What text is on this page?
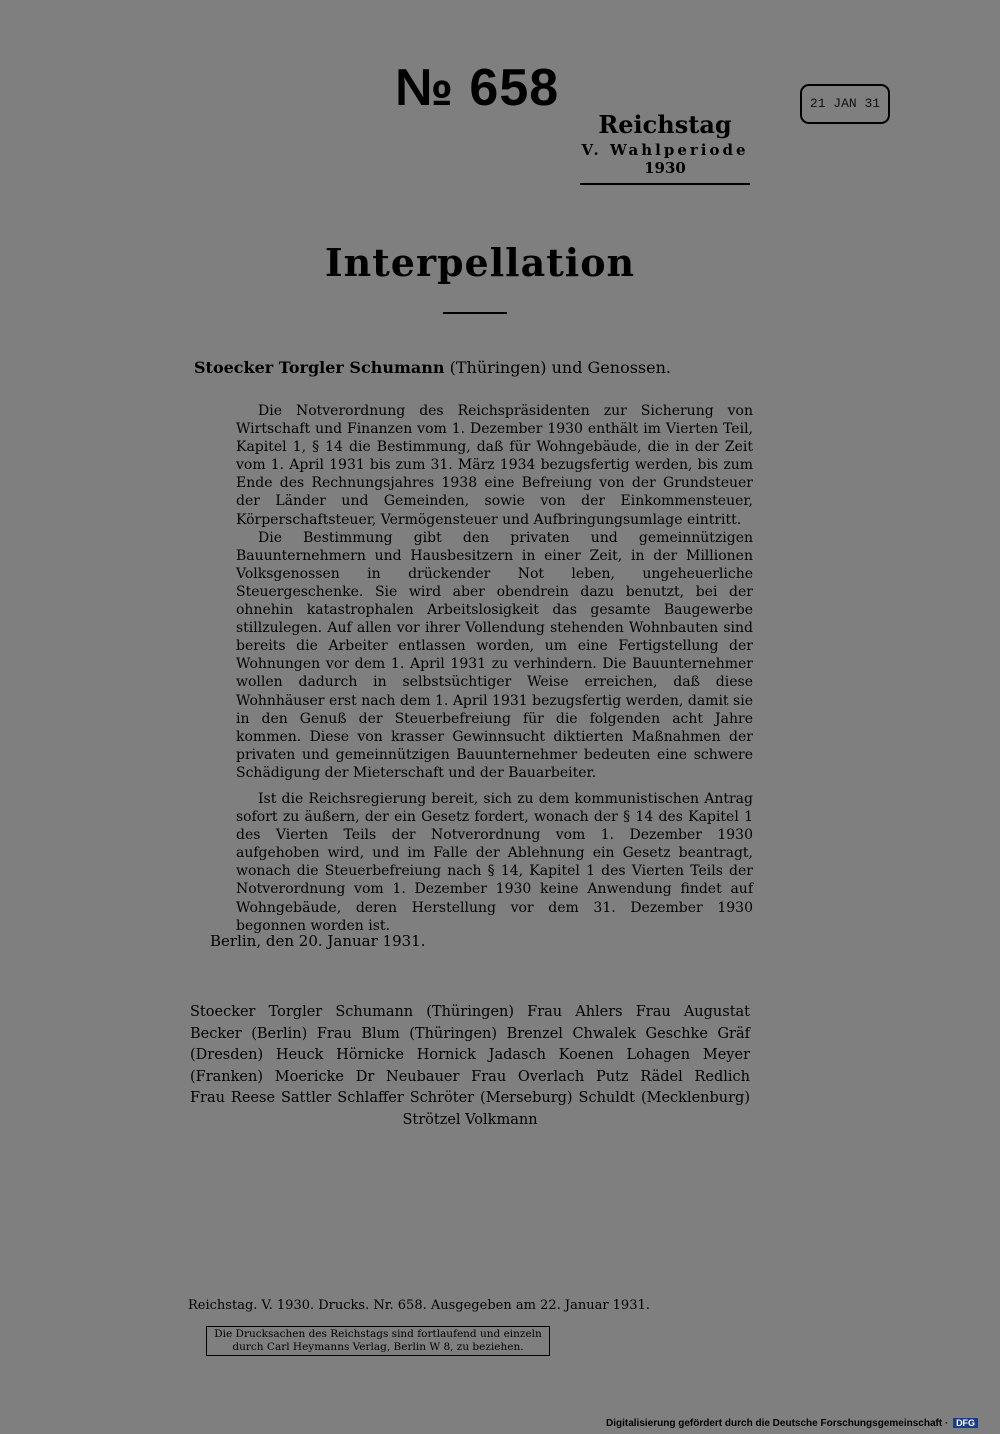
№ 658	21 JAN 31
Reichstag
V. Wahlperiode
1930
Interpellation
Stoecker Torgler Schumann (Thüringen) und Genossen.

Die Notverordnung des Reichspräsidenten zur Sicherung von Wirtschaft und Finanzen vom 1. Dezember 1930 enthält im Vierten Teil, Kapitel 1, § 14 die Bestimmung, daß für Wohngebäude, die in der Zeit vom 1. April 1931 bis zum 31. März 1934 bezugsfertig werden, bis zum Ende des Rechnungsjahres 1938 eine Befreiung von der Grundsteuer der Länder und Gemeinden, sowie von der Einkommensteuer, Körperschaftsteuer, Vermögensteuer und Aufbringungsumlage eintritt.

Die Bestimmung gibt den privaten und gemeinnützigen Bauunternehmern und Hausbesitzern in einer Zeit, in der Millionen Volksgenossen in drückender Not leben, ungeheuerliche Steuergeschenke. Sie wird aber obendrein dazu benutzt, bei der ohnehin katastrophalen Arbeitslosigkeit das gesamte Baugewerbe stillzulegen. Auf allen vor ihrer Vollendung stehenden Wohnbauten sind bereits die Arbeiter entlassen worden, um eine Fertigstellung der Wohnungen vor dem 1. April 1931 zu verhindern. Die Bauunternehmer wollen dadurch in selbstsüchtiger Weise erreichen, daß diese Wohnhäuser erst nach dem 1. April 1931 bezugsfertig werden, damit sie in den Genuß der Steuerbefreiung für die folgenden acht Jahre kommen. Diese von krasser Gewinnsucht diktierten Maßnahmen der privaten und gemeinnützigen Bauunternehmer bedeuten eine schwere Schädigung der Mieterschaft und der Bauarbeiter.

Ist die Reichsregierung bereit, sich zu dem kommunistischen Antrag sofort zu äußern, der ein Gesetz fordert, wonach der § 14 des Kapitel 1 des Vierten Teils der Notverordnung vom 1. Dezember 1930 aufgehoben wird, und im Falle der Ablehnung ein Gesetz beantragt, wonach die Steuerbefreiung nach § 14, Kapitel 1 des Vierten Teils der Notverordnung vom 1. Dezember 1930 keine Anwendung findet auf Wohngebäude, deren Herstellung vor dem 31. Dezember 1930 begonnen worden ist.

Berlin, den 20. Januar 1931.
Stoecker Torgler Schumann (Thüringen) Frau Ahlers Frau Augustat
Becker (Berlin) Frau Blum (Thüringen) Brenzel Chwalek Geschke Gräf
(Dresden) Heuck Hörnicke Hornick Jadasch Koenen Lohagen Meyer
(Franken) Moericke Dr Neubauer Frau Overlach Putz Rädel Redlich
Frau Reese Sattler Schlaffer Schröter (Merseburg) Schuldt (Mecklenburg)
Strötzel Volkmann
Reichstag. V. 1930. Drucks. Nr. 658. Ausgegeben am 22. Januar 1931.
Die Drucksachen des Reichstags sind fortlaufend und einzeln
durch Carl Heymanns Verlag, Berlin W 8, zu beziehen.
Digitalisierung gefördert durch die Deutsche Forschungsgemeinschaft · DFG
